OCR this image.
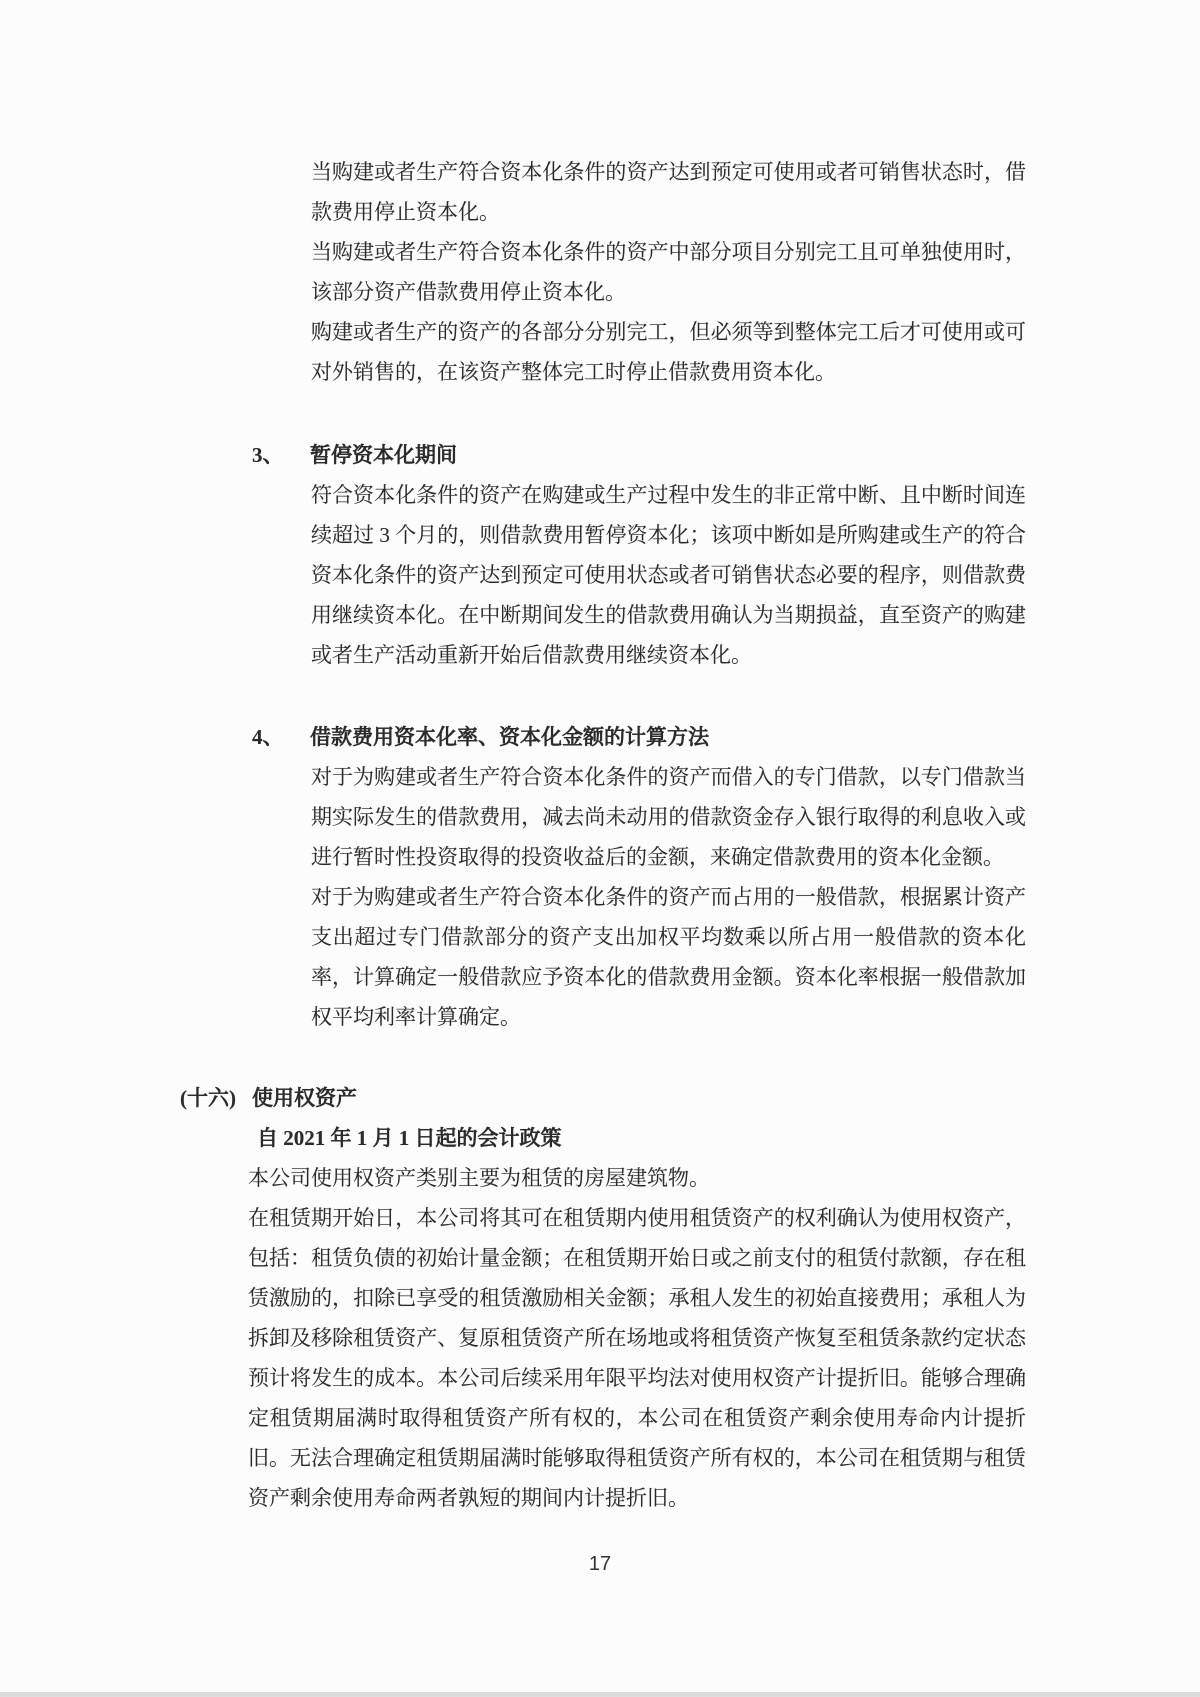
当购建或者生产符合资本化条件的资产达到预定可使用或者可销售状态时，借款费用停止资本化。

当购建或者生产符合资本化条件的资产中部分项目分别完工且可单独使用时，该部分资产借款费用停止资本化。

购建或者生产的资产的各部分分别完工，但必须等到整体完工后才可使用或可对外销售的，在该资产整体完工时停止借款费用资本化。

3、	暂停资本化期间

符合资本化条件的资产在购建或生产过程中发生的非正常中断、且中断时间连续超过 3 个月的，则借款费用暂停资本化；该项中断如是所购建或生产的符合资本化条件的资产达到预定可使用状态或者可销售状态必要的程序，则借款费用继续资本化。在中断期间发生的借款费用确认为当期损益，直至资产的购建或者生产活动重新开始后借款费用继续资本化。

4、	借款费用资本化率、资本化金额的计算方法

对于为购建或者生产符合资本化条件的资产而借入的专门借款，以专门借款当期实际发生的借款费用，减去尚未动用的借款资金存入银行取得的利息收入或进行暂时性投资取得的投资收益后的金额，来确定借款费用的资本化金额。

对于为购建或者生产符合资本化条件的资产而占用的一般借款，根据累计资产支出超过专门借款部分的资产支出加权平均数乘以所占用一般借款的资本化率，计算确定一般借款应予资本化的借款费用金额。资本化率根据一般借款加权平均利率计算确定。

(十六) 使用权资产
自 2021 年 1 月 1 日起的会计政策

本公司使用权资产类别主要为租赁的房屋建筑物。

在租赁期开始日，本公司将其可在租赁期内使用租赁资产的权利确认为使用权资产，包括：租赁负债的初始计量金额；在租赁期开始日或之前支付的租赁付款额，存在租赁激励的，扣除已享受的租赁激励相关金额；承租人发生的初始直接费用；承租人为拆卸及移除租赁资产、复原租赁资产所在场地或将租赁资产恢复至租赁条款约定状态预计将发生的成本。本公司后续采用年限平均法对使用权资产计提折旧。能够合理确定租赁期届满时取得租赁资产所有权的，本公司在租赁资产剩余使用寿命内计提折旧。无法合理确定租赁期届满时能够取得租赁资产所有权的，本公司在租赁期与租赁资产剩余使用寿命两者孰短的期间内计提折旧。

17
